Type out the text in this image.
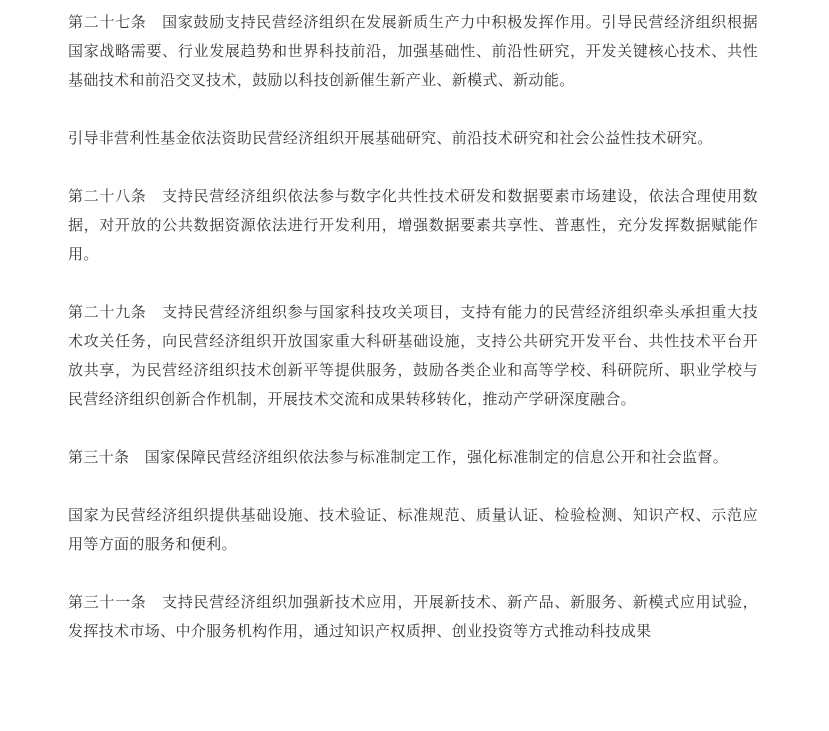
第二十七条　国家鼓励支持民营经济组织在发展新质生产力中积极发挥作用。引导民营经济组织根据国家战略需要、行业发展趋势和世界科技前沿，加强基础性、前沿性研究，开发关键核心技术、共性基础技术和前沿交叉技术，鼓励以科技创新催生新产业、新模式、新动能。

引导非营利性基金依法资助民营经济组织开展基础研究、前沿技术研究和社会公益性技术研究。

第二十八条　支持民营经济组织依法参与数字化共性技术研发和数据要素市场建设，依法合理使用数据，对开放的公共数据资源依法进行开发利用，增强数据要素共享性、普惠性，充分发挥数据赋能作用。

第二十九条　支持民营经济组织参与国家科技攻关项目，支持有能力的民营经济组织牵头承担重大技术攻关任务，向民营经济组织开放国家重大科研基础设施，支持公共研究开发平台、共性技术平台开放共享，为民营经济组织技术创新平等提供服务，鼓励各类企业和高等学校、科研院所、职业学校与民营经济组织创新合作机制，开展技术交流和成果转移转化，推动产学研深度融合。

第三十条　国家保障民营经济组织依法参与标准制定工作，强化标准制定的信息公开和社会监督。

国家为民营经济组织提供基础设施、技术验证、标准规范、质量认证、检验检测、知识产权、示范应用等方面的服务和便利。

第三十一条　支持民营经济组织加强新技术应用，开展新技术、新产品、新服务、新模式应用试验，发挥技术市场、中介服务机构作用，通过知识产权质押、创业投资等方式推动科技成果
